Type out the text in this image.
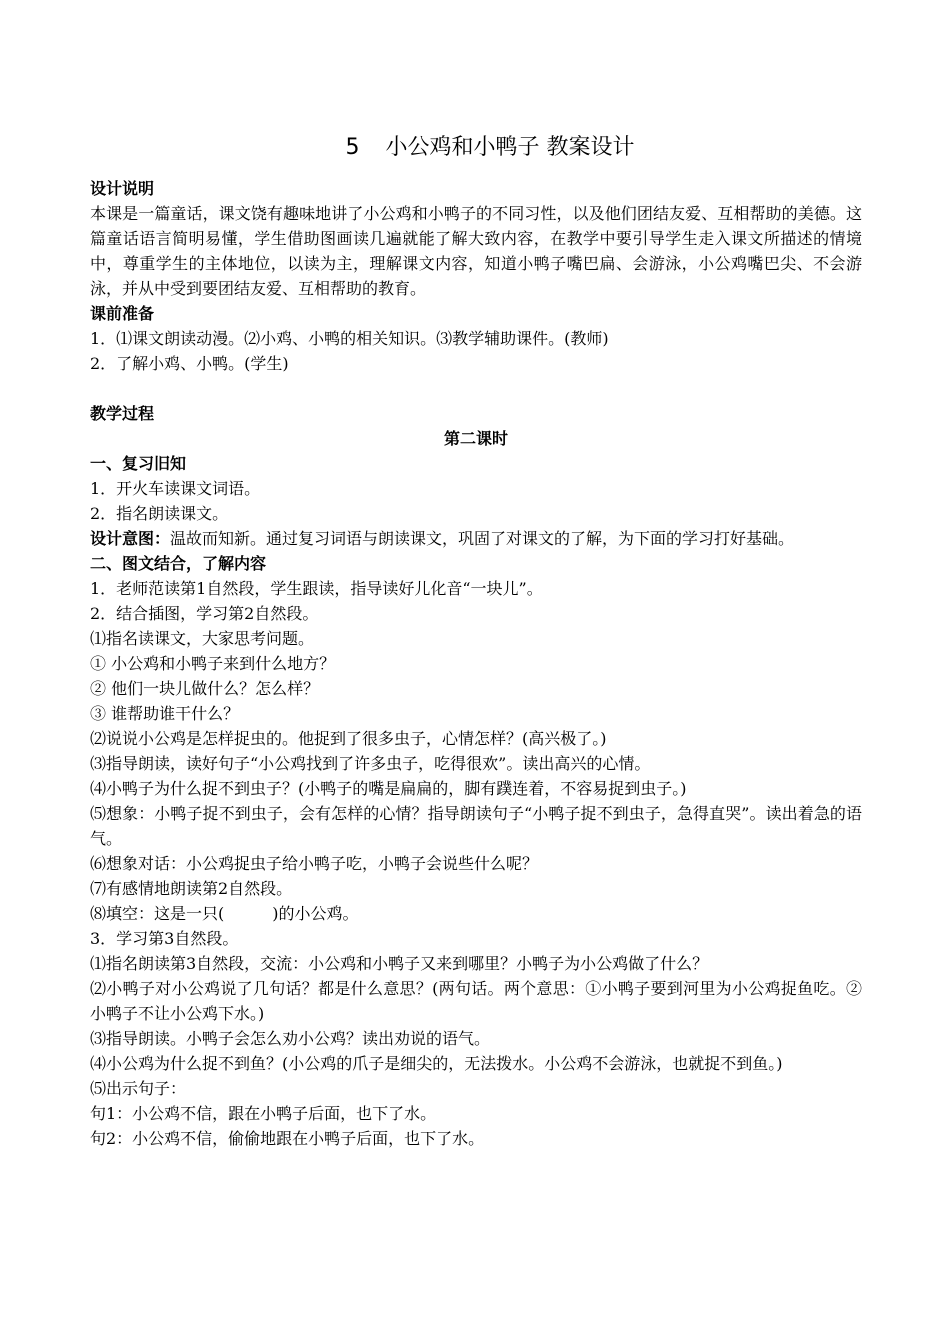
5 小公鸡和小鸭子 教案设计
设计说明
本课是一篇童话，课文饶有趣味地讲了小公鸡和小鸭子的不同习性，以及他们团结友爱、互相帮助的美德。这篇童话语言简明易懂，学生借助图画读几遍就能了解大致内容，在教学中要引导学生走入课文所描述的情境中，尊重学生的主体地位，以读为主，理解课文内容，知道小鸭子嘴巴扁、会游泳，小公鸡嘴巴尖、不会游泳，并从中受到要团结友爱、互相帮助的教育。
课前准备
1．⑴课文朗读动漫。⑵小鸡、小鸭的相关知识。⑶教学辅助课件。(教师)
2．了解小鸡、小鸭。(学生)
教学过程
第二课时
一、复习旧知
1．开火车读课文词语。
2．指名朗读课文。
设计意图：温故而知新。通过复习词语与朗读课文，巩固了对课文的了解，为下面的学习打好基础。
二、图文结合，了解内容
1．老师范读第1自然段，学生跟读，指导读好儿化音“一块儿”。
2．结合插图，学习第2自然段。
⑴指名读课文，大家思考问题。
① 小公鸡和小鸭子来到什么地方？
② 他们一块儿做什么？怎么样？
③ 谁帮助谁干什么？
⑵说说小公鸡是怎样捉虫的。他捉到了很多虫子，心情怎样？(高兴极了。)
⑶指导朗读，读好句子“小公鸡找到了许多虫子，吃得很欢”。读出高兴的心情。
⑷小鸭子为什么捉不到虫子？(小鸭子的嘴是扁扁的，脚有蹼连着，不容易捉到虫子。)
⑸想象：小鸭子捉不到虫子，会有怎样的心情？指导朗读句子“小鸭子捉不到虫子，急得直哭”。读出着急的语气。
⑹想象对话：小公鸡捉虫子给小鸭子吃，小鸭子会说些什么呢？
⑺有感情地朗读第2自然段。
⑻填空：这是一只(　　　)的小公鸡。
3．学习第3自然段。
⑴指名朗读第3自然段，交流：小公鸡和小鸭子又来到哪里？小鸭子为小公鸡做了什么？
⑵小鸭子对小公鸡说了几句话？都是什么意思？(两句话。两个意思：①小鸭子要到河里为小公鸡捉鱼吃。②小鸭子不让小公鸡下水。)
⑶指导朗读。小鸭子会怎么劝小公鸡？读出劝说的语气。
⑷小公鸡为什么捉不到鱼？(小公鸡的爪子是细尖的，无法拨水。小公鸡不会游泳，也就捉不到鱼。)
⑸出示句子：
句1：小公鸡不信，跟在小鸭子后面，也下了水。
句2：小公鸡不信，偷偷地跟在小鸭子后面，也下了水。
